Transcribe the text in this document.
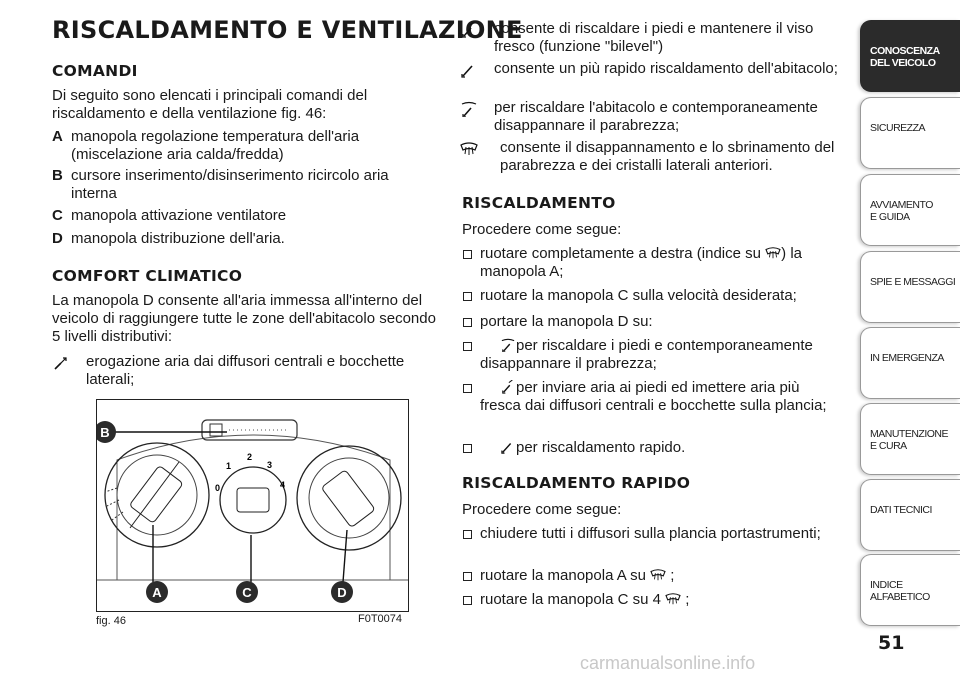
RISCALDAMENTO E VENTILAZIONE
COMANDI

Di seguito sono elencati i principali comandi del riscaldamento e della ventilazione fig. 46:

A manopola regolazione temperatura dell'aria (miscelazione aria calda/fredda)
B cursore inserimento/disinserimento ricircolo aria interna
C manopola attivazione ventilatore
D manopola distribuzione dell'aria.
COMFORT CLIMATICO

La manopola D consente all'aria immessa all'interno del veicolo di raggiungere tutte le zone dell'abitacolo secondo 5 livelli distributivi:

erogazione aria dai diffusori centrali e bocchette laterali;
0
1
2
3
4
B
A	C	D
fig. 46	F0T0074
consente di riscaldare i piedi e mantenere il viso fresco (funzione "bilevel")
consente un più rapido riscaldamento dell'abitacolo;
per riscaldare l'abitacolo e contemporaneamente disappannare il parabrezza;
consente il disappannamento e lo sbrinamento del parabrezza e dei cristalli laterali anteriori.
RISCALDAMENTO

Procedere come segue:

ruotare completamente a destra (indice su ) la manopola A;
ruotare la manopola C sulla velocità desiderata;
portare la manopola D su:
per riscaldare i piedi e contemporaneamente disappannare il prabrezza;
per inviare aria ai piedi ed imettere aria più fresca dai diffusori centrali e bocchette sulla plancia;
per riscaldamento rapido.
RISCALDAMENTO RAPIDO

Procedere come segue:

chiudere tutti i diffusori sulla plancia portastrumenti;
ruotare la manopola A su ;
ruotare la manopola C su 4 ;
CONOSCENZA DEL VEICOLO
SICUREZZA
AVVIAMENTO E GUIDA
SPIE E MESSAGGI
IN EMERGENZA
MANUTENZIONE E CURA
DATI TECNICI
INDICE ALFABETICO
51
carmanualsonline.info
